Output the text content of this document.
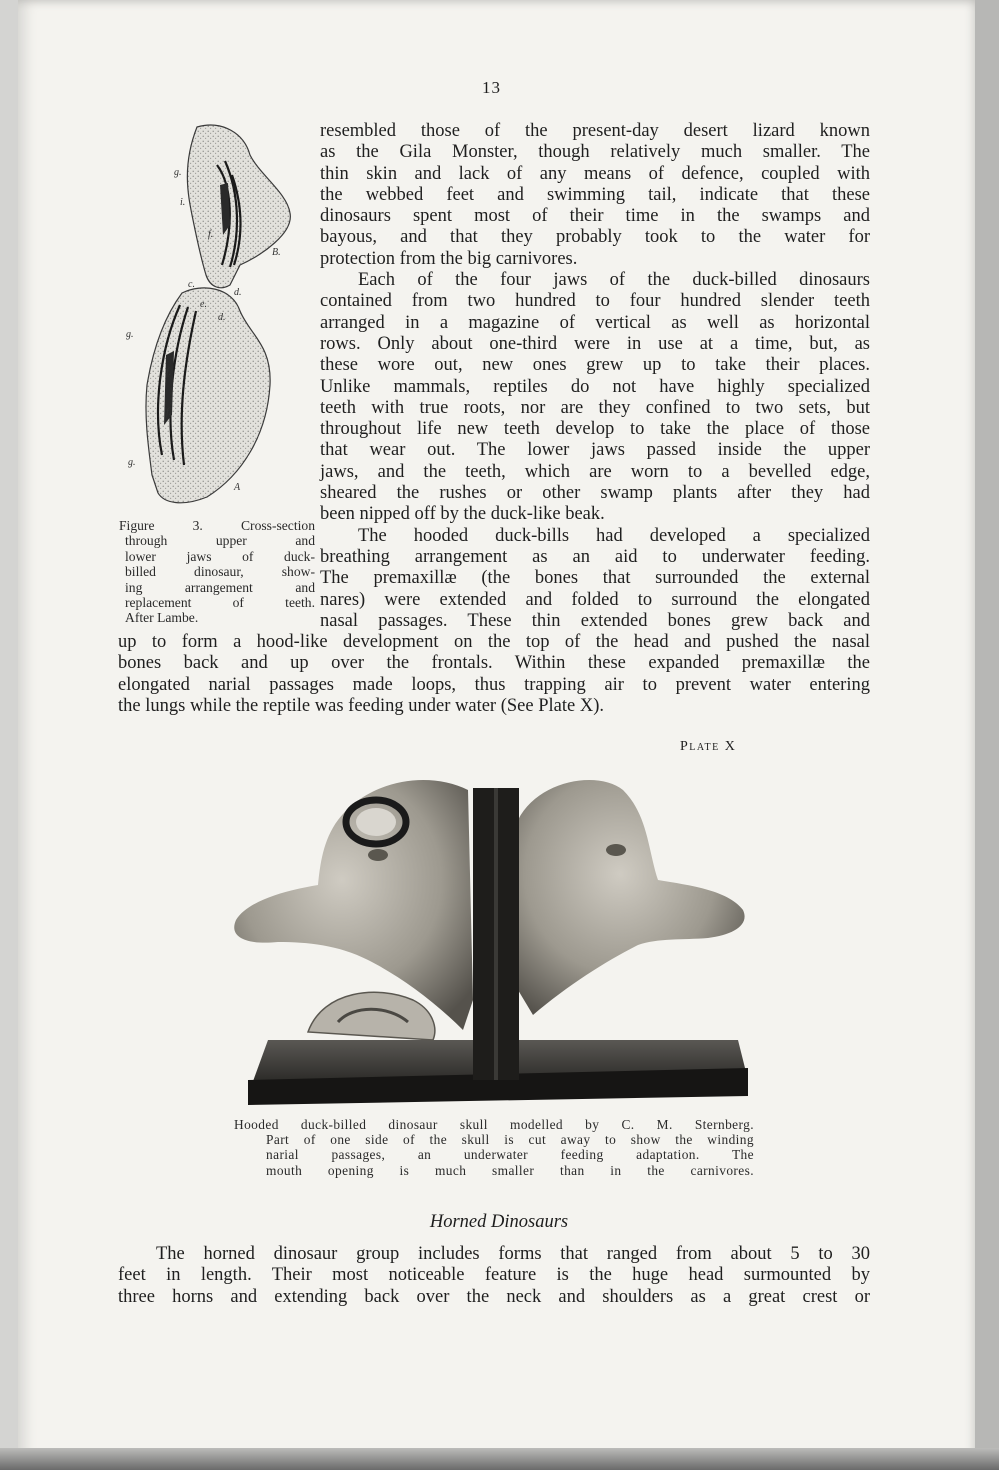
13
B.
A
g.
i.
f.
c.
e.
d.
d.
g.
f.
f.
g.
Figure 3. Cross-section
through upper and
lower jaws of duck-
billed dinosaur, show-
ing arrangement and
replacement of teeth.
After Lambe.
resembled those of the present-day desert lizard known
as the Gila Monster, though relatively much smaller. The
thin skin and lack of any means of defence, coupled with
the webbed feet and swimming tail, indicate that these
dinosaurs spent most of their time in the swamps and
bayous, and that they probably took to the water for
protection from the big carnivores.
Each of the four jaws of the duck-billed dinosaurs
contained from two hundred to four hundred slender teeth
arranged in a magazine of vertical as well as horizontal
rows. Only about one-third were in use at a time, but, as
these wore out, new ones grew up to take their places.
Unlike mammals, reptiles do not have highly specialized
teeth with true roots, nor are they confined to two sets, but
throughout life new teeth develop to take the place of those
that wear out. The lower jaws passed inside the upper
jaws, and the teeth, which are worn to a bevelled edge,
sheared the rushes or other swamp plants after they had
been nipped off by the duck-like beak.
The hooded duck-bills had developed a specialized
breathing arrangement as an aid to underwater feeding.
The premaxillæ (the bones that surrounded the external
nares) were extended and folded to surround the elongated
nasal passages. These thin extended bones grew back and
up to form a hood-like development on the top of the head and pushed the nasal
bones back and up over the frontals. Within these expanded premaxillæ the
elongated narial passages made loops, thus trapping air to prevent water entering
the lungs while the reptile was feeding under water (See Plate X).
Plate X
Hooded duck-billed dinosaur skull modelled by C. M. Sternberg.
Part of one side of the skull is cut away to show the winding
narial passages, an underwater feeding adaptation. The
mouth opening is much smaller than in the carnivores.
Horned Dinosaurs
The horned dinosaur group includes forms that ranged from about 5 to 30
feet in length. Their most noticeable feature is the huge head surmounted by
three horns and extending back over the neck and shoulders as a great crest or
